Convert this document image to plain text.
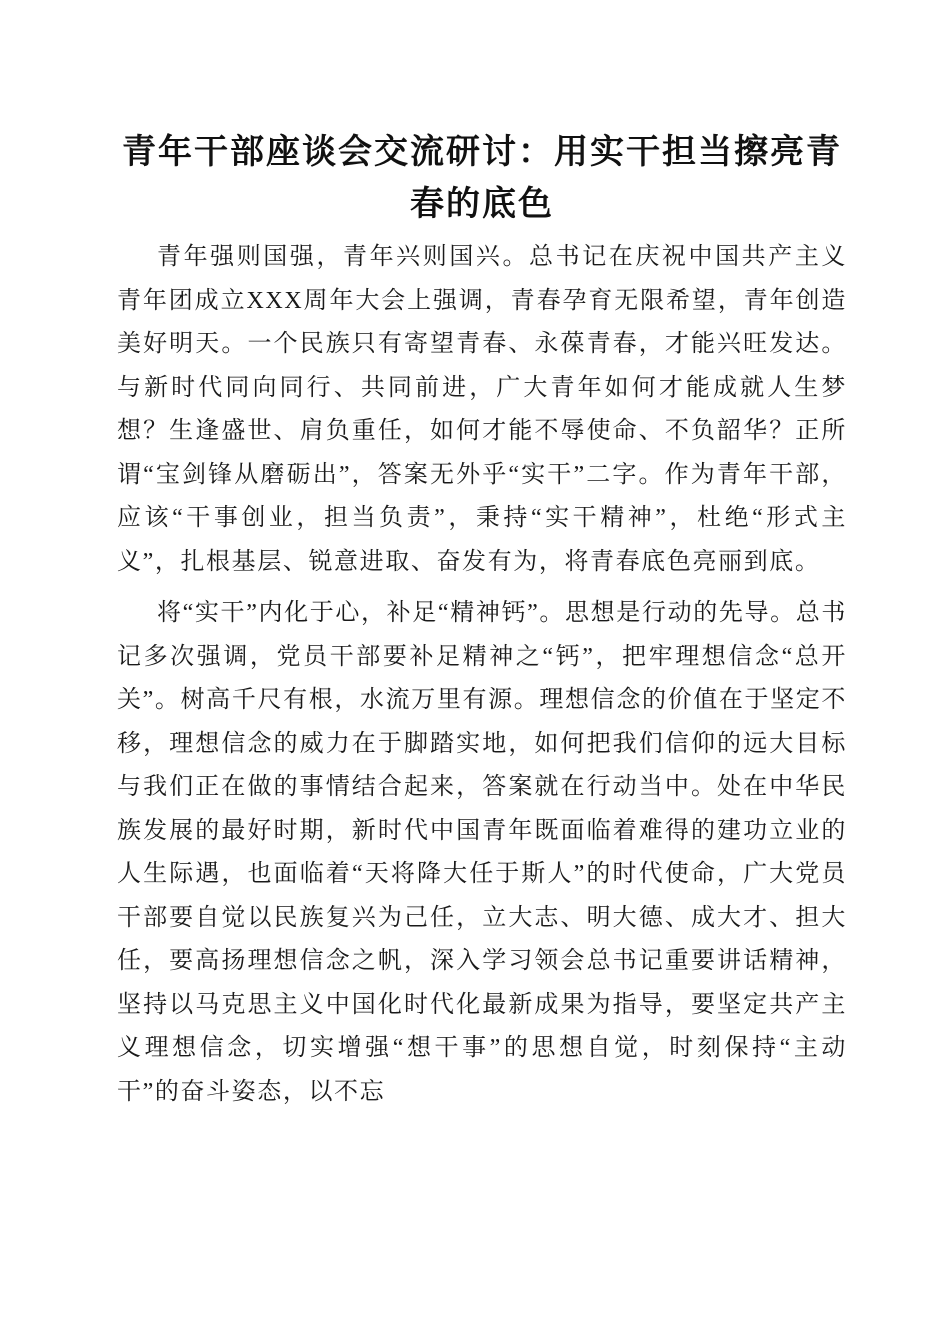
青年干部座谈会交流研讨：用实干担当擦亮青春的底色

青年强则国强，青年兴则国兴。总书记在庆祝中国共产主义青年团成立XXX周年大会上强调，青春孕育无限希望，青年创造美好明天。一个民族只有寄望青春、永葆青春，才能兴旺发达。与新时代同向同行、共同前进，广大青年如何才能成就人生梦想？生逢盛世、肩负重任，如何才能不辱使命、不负韶华？正所谓“宝剑锋从磨砺出”，答案无外乎“实干”二字。作为青年干部，应该“干事创业，担当负责”，秉持“实干精神”，杜绝“形式主义”，扎根基层、锐意进取、奋发有为，将青春底色亮丽到底。

将“实干”内化于心，补足“精神钙”。思想是行动的先导。总书记多次强调，党员干部要补足精神之“钙”，把牢理想信念“总开关”。树高千尺有根，水流万里有源。理想信念的价值在于坚定不移，理想信念的威力在于脚踏实地，如何把我们信仰的远大目标与我们正在做的事情结合起来，答案就在行动当中。处在中华民族发展的最好时期，新时代中国青年既面临着难得的建功立业的人生际遇，也面临着“天将降大任于斯人”的时代使命，广大党员干部要自觉以民族复兴为己任，立大志、明大德、成大才、担大任，要高扬理想信念之帆，深入学习领会总书记重要讲话精神，坚持以马克思主义中国化时代化最新成果为指导，要坚定共产主义理想信念，切实增强“想干事”的思想自觉，时刻保持“主动干”的奋斗姿态，以不忘
